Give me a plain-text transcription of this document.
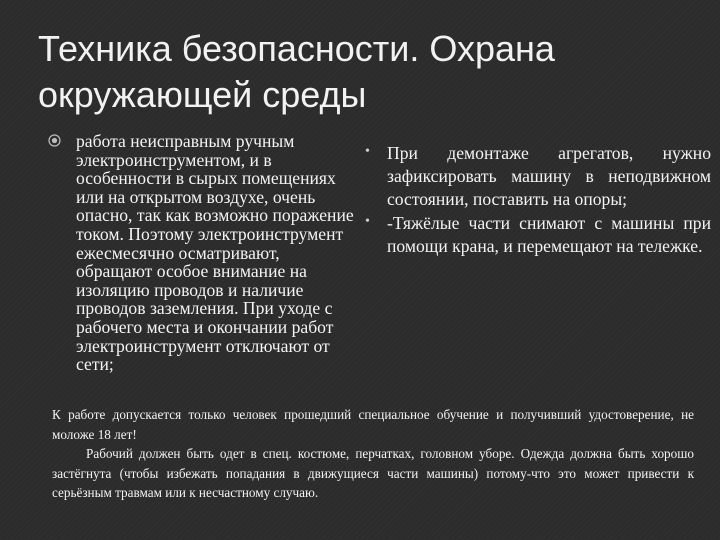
Техника безопасности. Охрана окружающей среды
работа неисправным ручным электроинструментом, и в особенности в сырых помещениях или на открытом воздухе, очень опасно, так как возможно поражение током. Поэтому электроинструмент ежесмесячно осматривают, обращают особое внимание на изоляцию проводов и наличие проводов заземления. При уходе с рабочего места и окончании работ электроинструмент отключают от сети;
• При демонтаже агрегатов, нужно зафиксировать машину в неподвижном состоянии, поставить на опоры;
• -Тяжёлые части снимают с машины при помощи крана, и перемещают на тележке.

К работе допускается только человек прошедший специальное обучение и получивший удостоверение, не моложе 18 лет!

Рабочий должен быть одет в спец. костюме, перчатках, головном уборе. Одежда должна быть хорошо застёгнута (чтобы избежать попадания в движущиеся части машины) потому-что это может привести к серьёзным травмам или к несчастному случаю.
